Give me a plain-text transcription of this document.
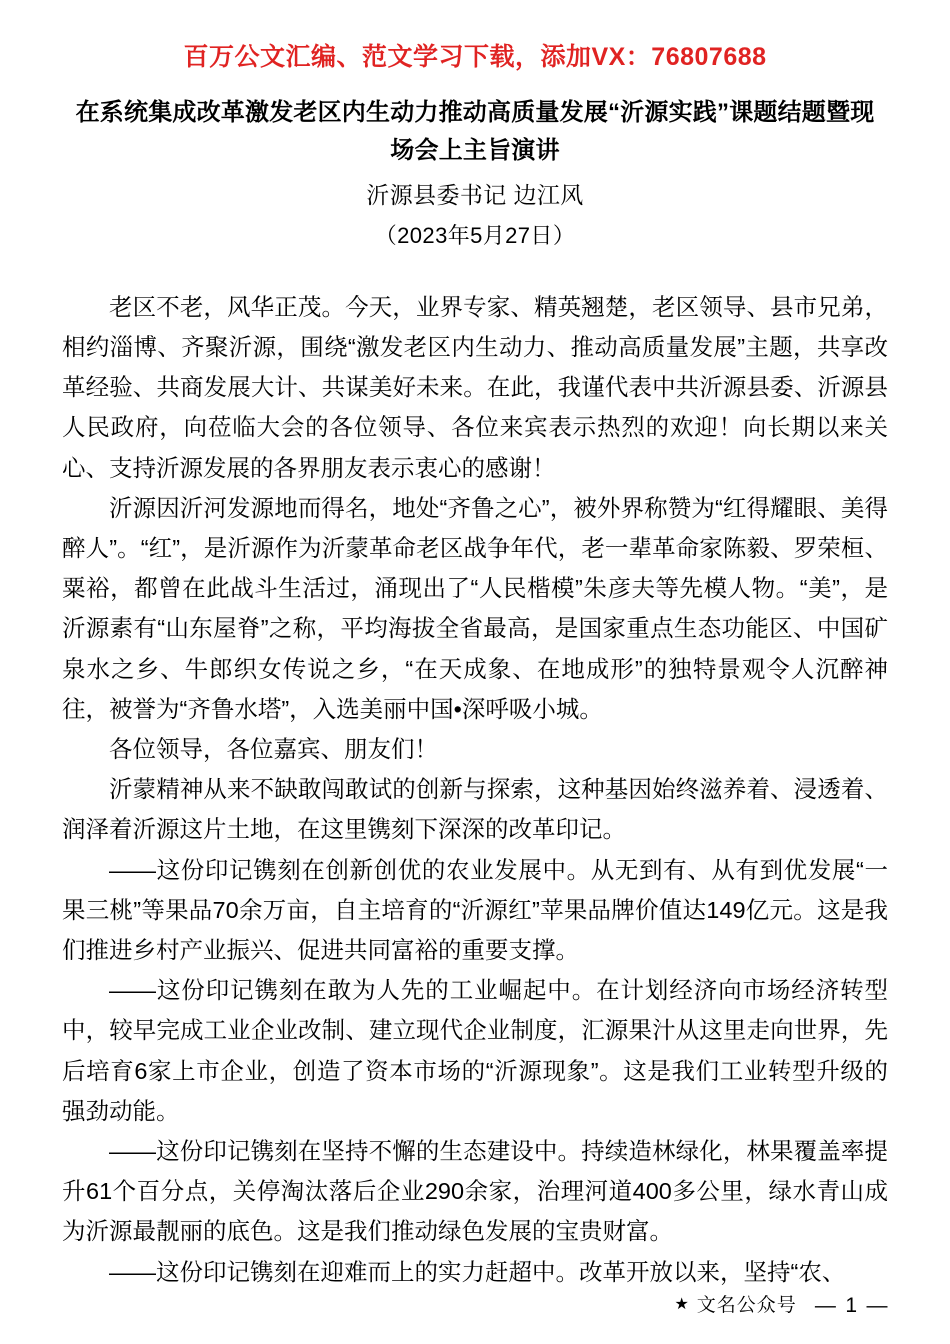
百万公文汇编、范文学习下载，添加VX：76807688
在系统集成改革激发老区内生动力推动高质量发展“沂源实践”课题结题暨现场会上主旨演讲
沂源县委书记 边江风
（2023年5月27日）

老区不老，风华正茂。今天，业界专家、精英翘楚，老区领导、县市兄弟，相约淄博、齐聚沂源，围绕“激发老区内生动力、推动高质量发展”主题，共享改革经验、共商发展大计、共谋美好未来。在此，我谨代表中共沂源县委、沂源县人民政府，向莅临大会的各位领导、各位来宾表示热烈的欢迎！向长期以来关心、支持沂源发展的各界朋友表示衷心的感谢！

沂源因沂河发源地而得名，地处“齐鲁之心”，被外界称赞为“红得耀眼、美得醉人”。“红”，是沂源作为沂蒙革命老区战争年代，老一辈革命家陈毅、罗荣桓、粟裕，都曾在此战斗生活过，涌现出了“人民楷模”朱彦夫等先模人物。“美”，是沂源素有“山东屋脊”之称，平均海拔全省最高，是国家重点生态功能区、中国矿泉水之乡、牛郎织女传说之乡，“在天成象、在地成形”的独特景观令人沉醉神往，被誉为“齐鲁水塔”，入选美丽中国•深呼吸小城。

各位领导，各位嘉宾、朋友们！

沂蒙精神从来不缺敢闯敢试的创新与探索，这种基因始终滋养着、浸透着、润泽着沂源这片土地，在这里镌刻下深深的改革印记。

——这份印记镌刻在创新创优的农业发展中。从无到有、从有到优发展“一果三桃”等果品70余万亩，自主培育的“沂源红”苹果品牌价值达149亿元。这是我们推进乡村产业振兴、促进共同富裕的重要支撑。

——这份印记镌刻在敢为人先的工业崛起中。在计划经济向市场经济转型中，较早完成工业企业改制、建立现代企业制度，汇源果汁从这里走向世界，先后培育6家上市企业，创造了资本市场的“沂源现象”。这是我们工业转型升级的强劲动能。

——这份印记镌刻在坚持不懈的生态建设中。持续造林绿化，林果覆盖率提升61个百分点，关停淘汰落后企业290余家，治理河道400多公里，绿水青山成为沂源最靓丽的底色。这是我们推动绿色发展的宝贵财富。

——这份印记镌刻在迎难而上的实力赶超中。改革开放以来，坚持“农、

★ 文名公众号 — 1 —
